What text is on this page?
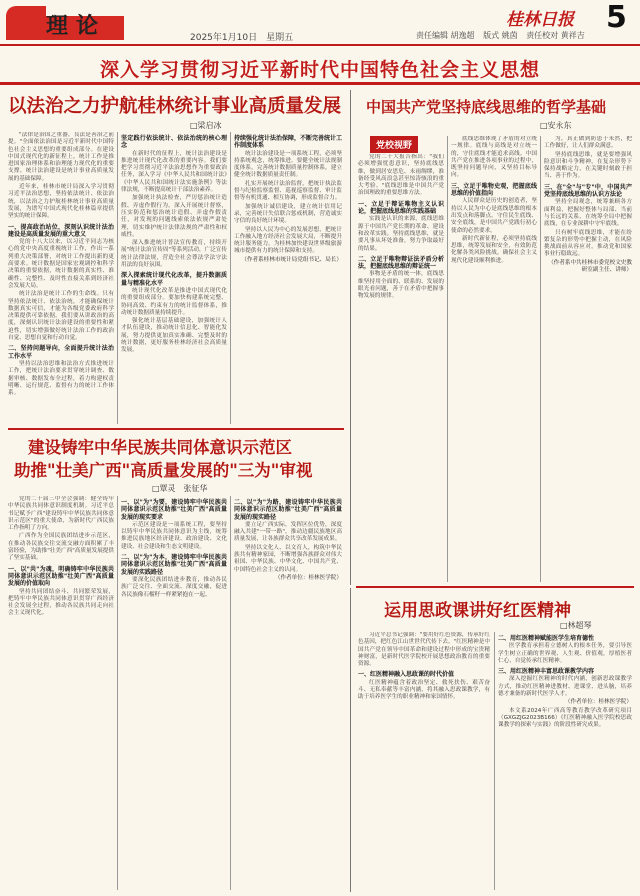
理论	2025年1月10日　星期五
桂林日报 5
责任编辑 胡逸超 版式 姚茵 责任校对 黄祥吉
深入学习贯彻习近平新时代中国特色社会主义思想
以法治之力护航桂林统计事业高质量发展
□梁启冰

"法律是治国之重器，良法是善治之前提。"全面依法治国是习近平新时代中国特色社会主义思想的重要组成部分。在建设中国式现代化的新征程上，统计工作是推进国家治理体系和治理能力现代化的重要支撑。统计法治建设是统计事业高质量发展的基础保障。

近年来，桂林市统计局深入学习贯彻习近平法治思想，坚持依法统计、依法治统，以法治之力护航桂林统计事业高质量发展，为谱写中国式现代化桂林篇章提供坚实的统计保障。

一、提高政治站位，深刻认识统计法治建设是高质量发展的重大意义

党的十八大以来，以习近平同志为核心的党中央高度重视统计工作，作出一系列重大决策部署，对统计工作提出新的更高要求。统计数据是国家宏观调控和科学决策的重要依据，统计数据的真实性、准确性、完整性、及时性直接关系到经济社会发展大局。

统计法治是统计工作的生命线。只有坚持依法统计、依法治统，才能确保统计数据真实可信，才能为各级党委政府科学决策提供可靠依据。我们要从讲政治的高度，深刻认识统计法治建设的重要性和紧迫性，切实增强做好统计法治工作的政治自觉、思想自觉和行动自觉。

二、坚持问题导向，全面提升统计法治工作水平

坚持以法治思维和法治方式推进统计工作，把统计法治要求贯穿统计调查、数据审核、数据发布全过程，着力构建权责明晰、运行规范、监督有力的统计工作体系。

坚定践行依法统计、依法治统的核心理念

在新时代的征程上，统计法治建设是推进统计现代化改革的重要内容。我们要把学习贯彻习近平法治思想作为重要政治任务，深入学习《中华人民共和国统计法》《中华人民共和国统计法实施条例》等法律法规，不断提高统计干部法治素养。

加强统计执法检查，严厉惩治统计造假、弄虚作假行为。深入开展统计督察，压实防范和惩治统计造假、弄虚作假责任，对发现的问题线索依法依规严肃处理，切实维护统计法律法规的严肃性和权威性。

深入推进统计普法宣传教育，持续开展"统计法治宣传周"等系列活动，广泛宣传统计法律法规，营造全社会尊法学法守法用法的良好氛围。

深入探索统计现代化改革，提升数据质量与精准化水平

统计现代化改革是推进中国式现代化的重要组成部分。要加快构建系统完整、协同高效、约束有力的统计监督体系，推动统计数据质量持续提升。

强化统计基层基础建设，加强统计人才队伍建设，推动统计信息化、智能化发展，努力提供更加真实准确、完整及时的统计数据，更好服务桂林经济社会高质量发展。

持续强化统计法治保障，不断完善统计工作制度体系

统计法治建设是一项系统工程，必须坚持系统观念，统筹推进。要健全统计法规制度体系，完善统计数据质量控制体系，建立健全统计数据质量责任制。

扎实开展统计法治监督，把统计执法监督与纪检监察监督、巡视巡察监督、审计监督等有机贯通、相互协调，形成监督合力。

加强统计诚信建设，建立统计信用记录，完善统计失信联合惩戒机制，营造诚实守信的良好统计环境。

坚持以人民为中心的发展思想，把统计工作融入地方经济社会发展大局，不断提升统计服务能力，为桂林加快建设世界级旅游城市提供有力的统计保障和支持。

（作者系桂林市统计局党组书记、局长）

中国共产党坚持底线思维的哲学基础
□安永东
党校视野

党的二十大报告指出："我们必须增强忧患意识，坚持底线思维，做到居安思危、未雨绸缪，准备经受风高浪急甚至惊涛骇浪的重大考验。"底线思维是中国共产党治国理政的重要思维方法。

一、立足于辩证唯物主义认识论，把握底线思维的实践基础

实践是认识的来源，底线思维源于中国共产党长期的革命、建设和改革实践。坚持底线思维，就是要凡事从坏处准备，努力争取最好的结果。

二、立足于唯物辩证法矛盾分析法，把握底线思维的辩证统一

事物是矛盾的统一体，底线思维坚持用全面的、联系的、发展的眼光看问题，善于在矛盾中把握事物发展的规律。

底线思维体现了矛盾的对立统一规律。底线与高线是对立统一的，守住底线才能追求高线。中国共产党在推进各项事业的过程中，既坚持问题导向，又坚持目标导向。

三、立足于唯物史观，把握底线思维的价值指向

人民群众是历史的创造者，坚持以人民为中心是底线思维的根本出发点和落脚点。守住民生底线、安全底线，是中国共产党践行初心使命的必然要求。

新时代新征程，必须坚持底线思维，统筹发展和安全，有效防范化解各类风险挑战，确保社会主义现代化建设顺利推进。

为，真正做到防患于未然，把工作做好，让人们群众满意。

坚持底线思维，就是要增强风险意识和斗争精神，在复杂形势下保持战略定力，在关键时刻敢于担当、善于作为。

三、在"全"与"专"中，中国共产党坚持底线思维的认识方法论

坚持全局观念，统筹兼顾各方面利益，把握好整体与局部、当前与长远的关系，在统筹全局中把握底线，在专业深耕中守牢底线。

只有树牢底线思维，才能在纷繁复杂的形势中把握主动，在风险挑战面前从容应对，推动党和国家事业行稳致远。

（作者系中共桂林市委党校文史教研室副主任、讲师）

建设铸牢中华民族共同体意识示范区
助推"壮美广西"高质量发展的"三为"审视
□覃灵　张征华

党的二十届三中全会强调：健全铸牢中华民族共同体意识制度机制。习近平总书记赋予广西"建设铸牢中华民族共同体意识示范区"的重大使命，为新时代广西民族工作指明了方向。

广西作为全国民族团结进步示范区，在推动各民族交往交流交融方面积累了丰富经验，为助推"壮美广西"高质量发展提供了坚实基础。

一、以"共"为魂，明确铸牢中华民族共同体意识示范区助推"壮美广西"高质量发展的价值取向

坚持共同团结奋斗、共同繁荣发展，把铸牢中华民族共同体意识贯穿广西经济社会发展全过程，推动各民族共同走向社会主义现代化。

一、以"为"为要，建设铸牢中华民族共同体意识示范区助推"壮美广西"高质量发展的现实要求

示范区建设是一项系统工程，要坚持以铸牢中华民族共同体意识为主线，统筹推进民族地区经济建设、政治建设、文化建设、社会建设和生态文明建设。

二、以"为"为本，建设铸牢中华民族共同体意识示范区助推"壮美广西"高质量发展的实践路径

要深化民族团结进步教育，推动各民族广泛交往、全面交流、深度交融，促进各民族像石榴籽一样紧紧抱在一起。

二、以"为"为路，建设铸牢中华民族共同体意识示范区助推"壮美广西"高质量发展的现实路径

要立足广西实际，发挥区位优势，深度融入共建"一带一路"，推动边疆民族地区高质量发展，让各族群众共享改革发展成果。

坚持以文化人、以文育人，构筑中华民族共有精神家园，不断增强各族群众对伟大祖国、中华民族、中华文化、中国共产党、中国特色社会主义的认同。

（作者单位：桂林医学院）

运用思政课讲好红医精神
□林超琴

习近平总书记强调："要用好红色资源，传承好红色基因，把红色江山世世代代传下去。"红医精神是中国共产党在领导中国革命和建设过程中形成的宝贵精神财富，是新时代医学院校开展思想政治教育的重要资源。

一、红医精神融入思政课的时代价值

红医精神蕴含着政治坚定、救死扶伤、艰苦奋斗、无私奉献等丰富内涵，将其融入思政课教学，有助于培养医学生的职业精神和家国情怀。

二、用红医精神赋能医学生培育德性

医学教育承担着立德树人的根本任务，要引导医学生树立正确的世界观、人生观、价值观，厚植医者仁心，自觉传承红医精神。

三、用红医精神丰富思政课教学内容

深入挖掘红医精神的时代内涵，创新思政课教学方式，推动红医精神进教材、进课堂、进头脑，培养德才兼备的新时代医学人才。

（作者单位：桂林医学院）

本文系2024年广西高等教育教学改革研究项目（GXGZJG2023B166）《红医精神融入医学院校思政课教学的探索与实践》的阶段性研究成果。
